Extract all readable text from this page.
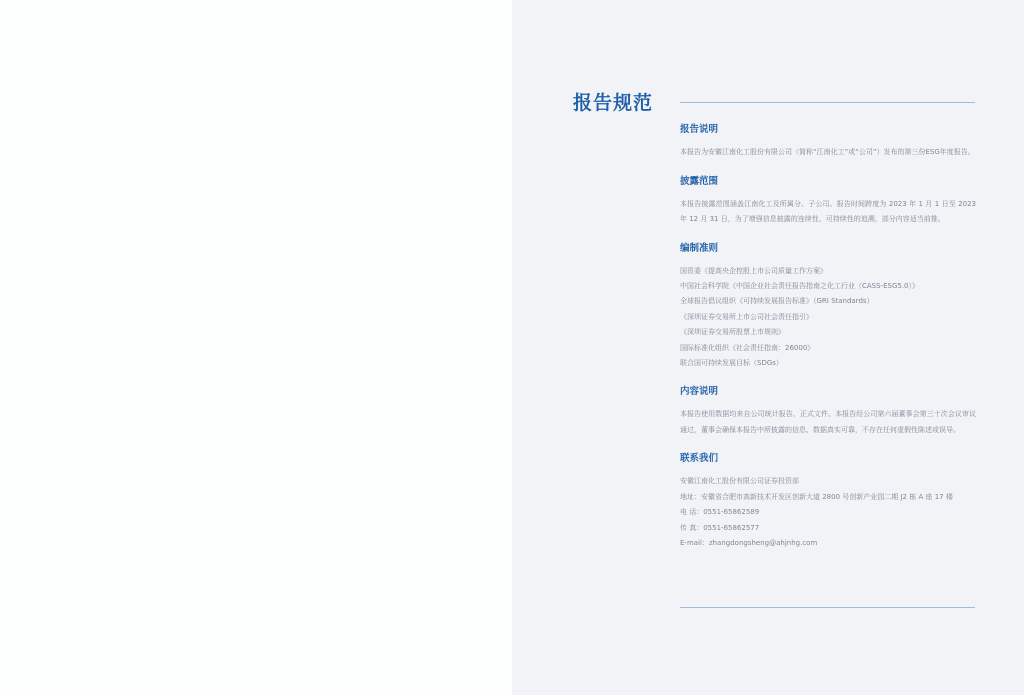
报告规范
报告说明

本报告为安徽江南化工股份有限公司（简称“江南化工”或“公司”）发布的第三份ESG年度报告。

披露范围

本报告披露范围涵盖江南化工及所属分、子公司。报告时间跨度为 2023 年 1 月 1 日至 2023 年 12 月 31 日，为了增强信息披露的连续性、可持续性的追溯，部分内容适当前推。

编制准则
国资委《提高央企控股上市公司质量工作方案》
中国社会科学院《中国企业社会责任报告指南之化工行业（CASS-ESG5.0）》
全球报告倡议组织《可持续发展报告标准》（GRI Standards）
《深圳证券交易所上市公司社会责任指引》
《深圳证券交易所股票上市规则》
国际标准化组织《社会责任指南：26000》
联合国可持续发展目标（SDGs）
内容说明

本报告使用数据均来自公司统计报告、正式文件。本报告经公司第六届董事会第三十次会议审议通过，董事会确保本报告中所披露的信息、数据真实可靠，不存在任何虚假性陈述或误导。

联系我们
安徽江南化工股份有限公司证券投资部
地址：安徽省合肥市高新技术开发区创新大道 2800 号创新产业园二期 J2 栋 A 座 17 楼
电 话：0551-65862589
传 真：0551-65862577
E-mail：zhangdongsheng@ahjnhg.com
